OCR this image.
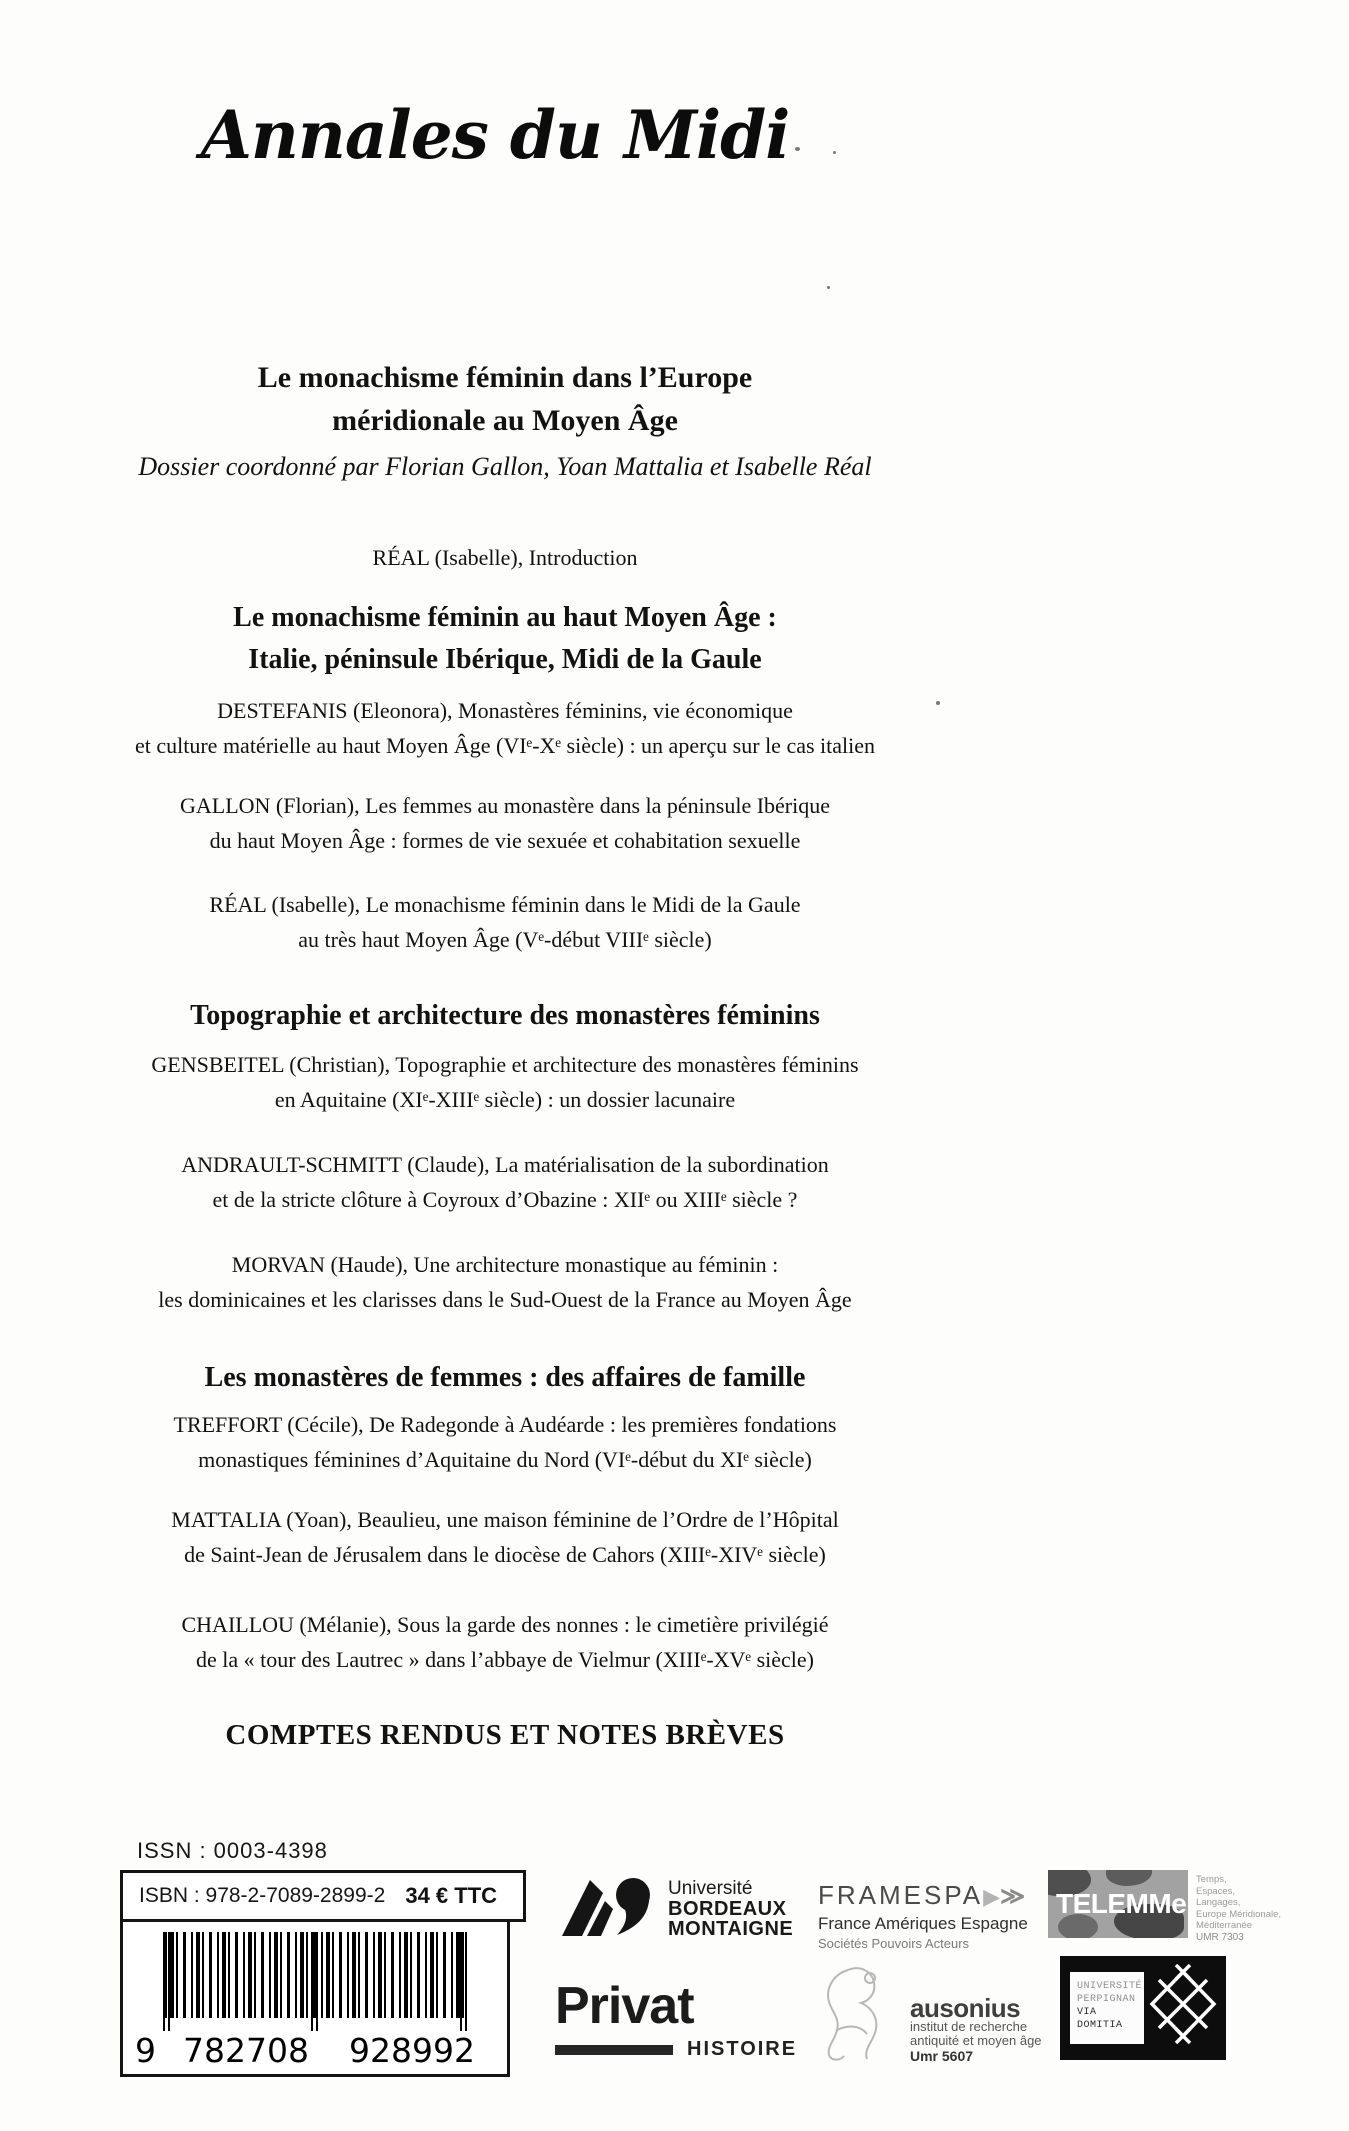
Annales du Midi
Le monachisme féminin dans l’Europe
méridionale au Moyen Âge
Dossier coordonné par Florian Gallon, Yoan Mattalia et Isabelle Réal
RÉAL (Isabelle), Introduction
Le monachisme féminin au haut Moyen Âge :
Italie, péninsule Ibérique, Midi de la Gaule
DESTEFANIS (Eleonora), Monastères féminins, vie économique
et culture matérielle au haut Moyen Âge (VIᵉ-Xᵉ siècle) : un aperçu sur le cas italien
GALLON (Florian), Les femmes au monastère dans la péninsule Ibérique
du haut Moyen Âge : formes de vie sexuée et cohabitation sexuelle
RÉAL (Isabelle), Le monachisme féminin dans le Midi de la Gaule
au très haut Moyen Âge (Vᵉ-début VIIIᵉ siècle)
Topographie et architecture des monastères féminins
GENSBEITEL (Christian), Topographie et architecture des monastères féminins
en Aquitaine (XIᵉ-XIIIᵉ siècle) : un dossier lacunaire
ANDRAULT-SCHMITT (Claude), La matérialisation de la subordination
et de la stricte clôture à Coyroux d’Obazine : XIIᵉ ou XIIIᵉ siècle ?
MORVAN (Haude), Une architecture monastique au féminin :
les dominicaines et les clarisses dans le Sud-Ouest de la France au Moyen Âge
Les monastères de femmes : des affaires de famille
TREFFORT (Cécile), De Radegonde à Audéarde : les premières fondations
monastiques féminines d’Aquitaine du Nord (VIᵉ-début du XIᵉ siècle)
MATTALIA (Yoan), Beaulieu, une maison féminine de l’Ordre de l’Hôpital
de Saint-Jean de Jérusalem dans le diocèse de Cahors (XIIIᵉ-XIVᵉ siècle)
CHAILLOU (Mélanie), Sous la garde des nonnes : le cimetière privilégié
de la « tour des Lautrec » dans l’abbaye de Vielmur (XIIIᵉ-XVᵉ siècle)
COMPTES RENDUS ET NOTES BRÈVES
ISSN : 0003-4398
ISBN : 978-2-7089-2899-2 34 € TTC
9 782708	928992
Université
BORDEAUX
MONTAIGNE
FRAMESPA▶≫
France Amériques Espagne
Sociétés Pouvoirs Acteurs
TELEMMe
Temps,
Espaces,
Langages,
Europe Méridionale,
Méditerranée
UMR 7303
Privat
HISTOIRE
ausonius
institut de recherche
antiquité et moyen âge
Umr 5607
UNIVERSITÉ
PERPIGNAN
VIA
DOMITIA
